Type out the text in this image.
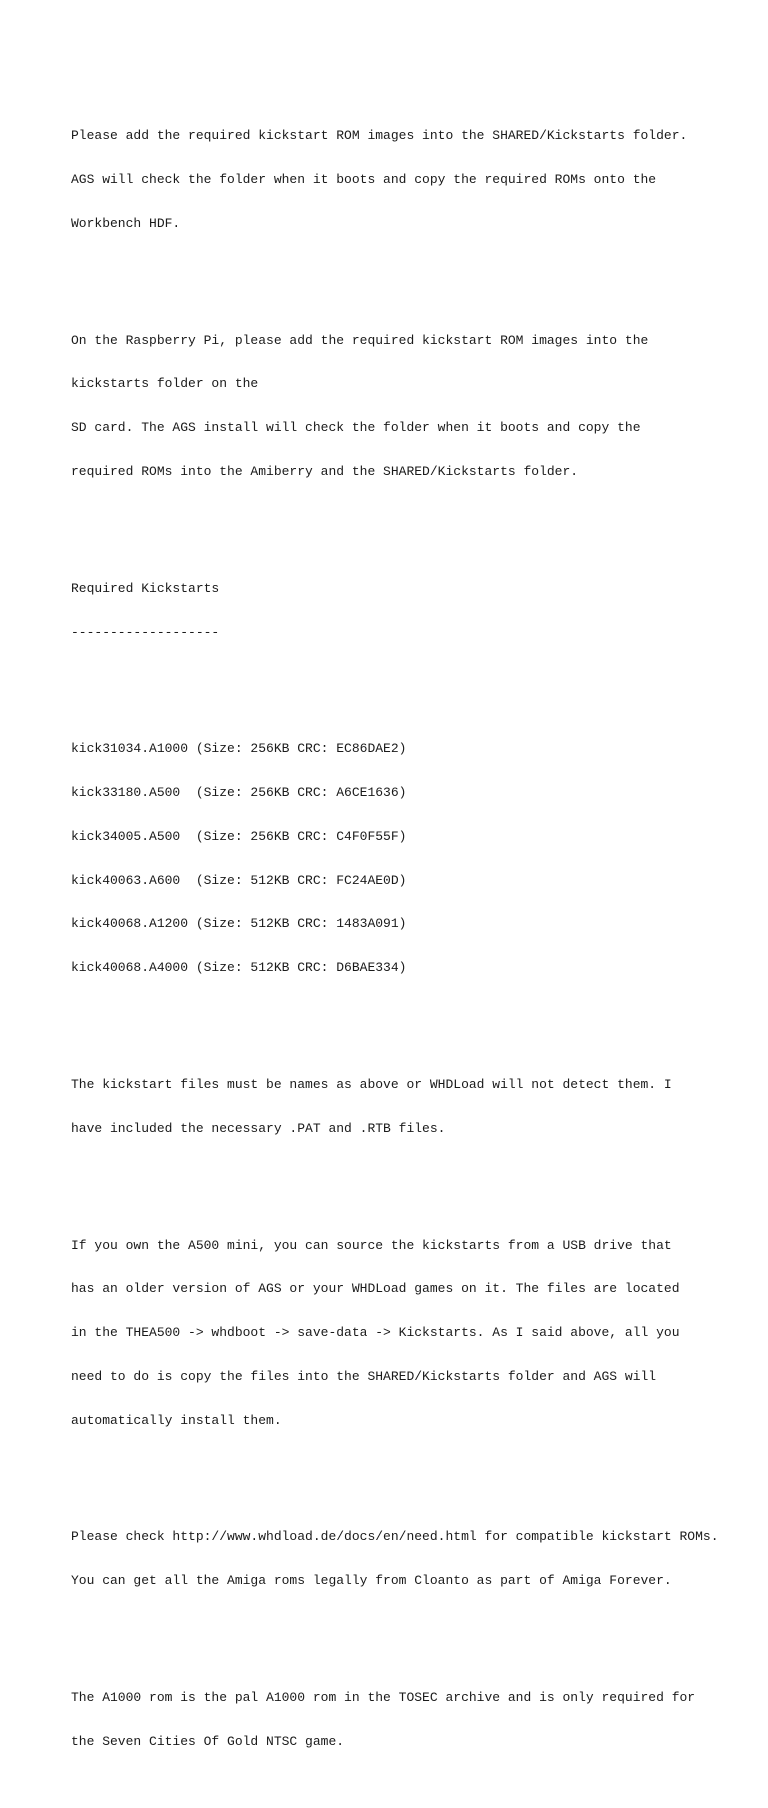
Please add the required kickstart ROM images into the SHARED/Kickstarts folder.

AGS will check the folder when it boots and copy the required ROMs onto the

Workbench HDF.

On the Raspberry Pi, please add the required kickstart ROM images into the

kickstarts folder on the

SD card. The AGS install will check the folder when it boots and copy the

required ROMs into the Amiberry and the SHARED/Kickstarts folder.

Required Kickstarts

-------------------

kick31034.A1000 (Size: 256KB CRC: EC86DAE2)

kick33180.A500  (Size: 256KB CRC: A6CE1636)

kick34005.A500  (Size: 256KB CRC: C4F0F55F)

kick40063.A600  (Size: 512KB CRC: FC24AE0D)

kick40068.A1200 (Size: 512KB CRC: 1483A091)

kick40068.A4000 (Size: 512KB CRC: D6BAE334)

The kickstart files must be names as above or WHDLoad will not detect them. I

have included the necessary .PAT and .RTB files.

If you own the A500 mini, you can source the kickstarts from a USB drive that

has an older version of AGS or your WHDLoad games on it. The files are located

in the THEA500 -> whdboot -> save-data -> Kickstarts. As I said above, all you

need to do is copy the files into the SHARED/Kickstarts folder and AGS will

automatically install them.

Please check http://www.whdload.de/docs/en/need.html for compatible kickstart ROMs.

You can get all the Amiga roms legally from Cloanto as part of Amiga Forever.

The A1000 rom is the pal A1000 rom in the TOSEC archive and is only required for

the Seven Cities Of Gold NTSC game.
